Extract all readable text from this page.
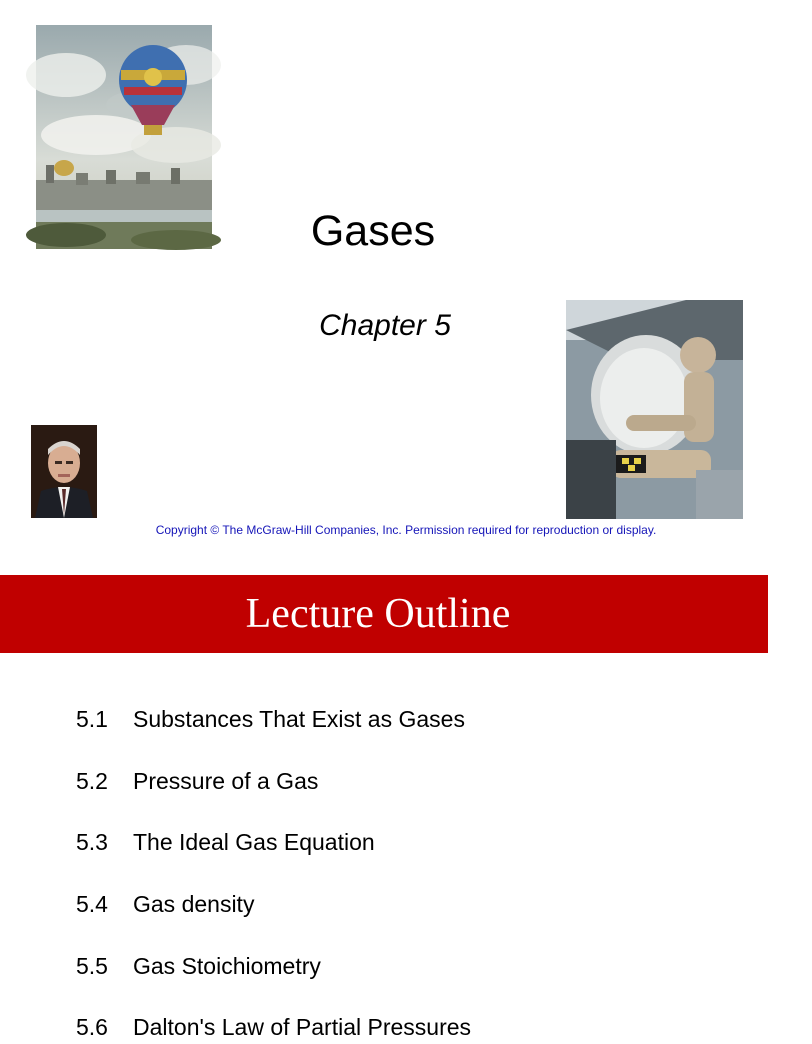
Gases
Chapter 5
Copyright © The McGraw-Hill Companies, Inc. Permission required for reproduction or display.
Lecture Outline
5.1 Substances That Exist as Gases
5.2 Pressure of a Gas
5.3 The Ideal Gas Equation
5.4 Gas density
5.5 Gas Stoichiometry
5.6 Dalton's Law of Partial Pressures
